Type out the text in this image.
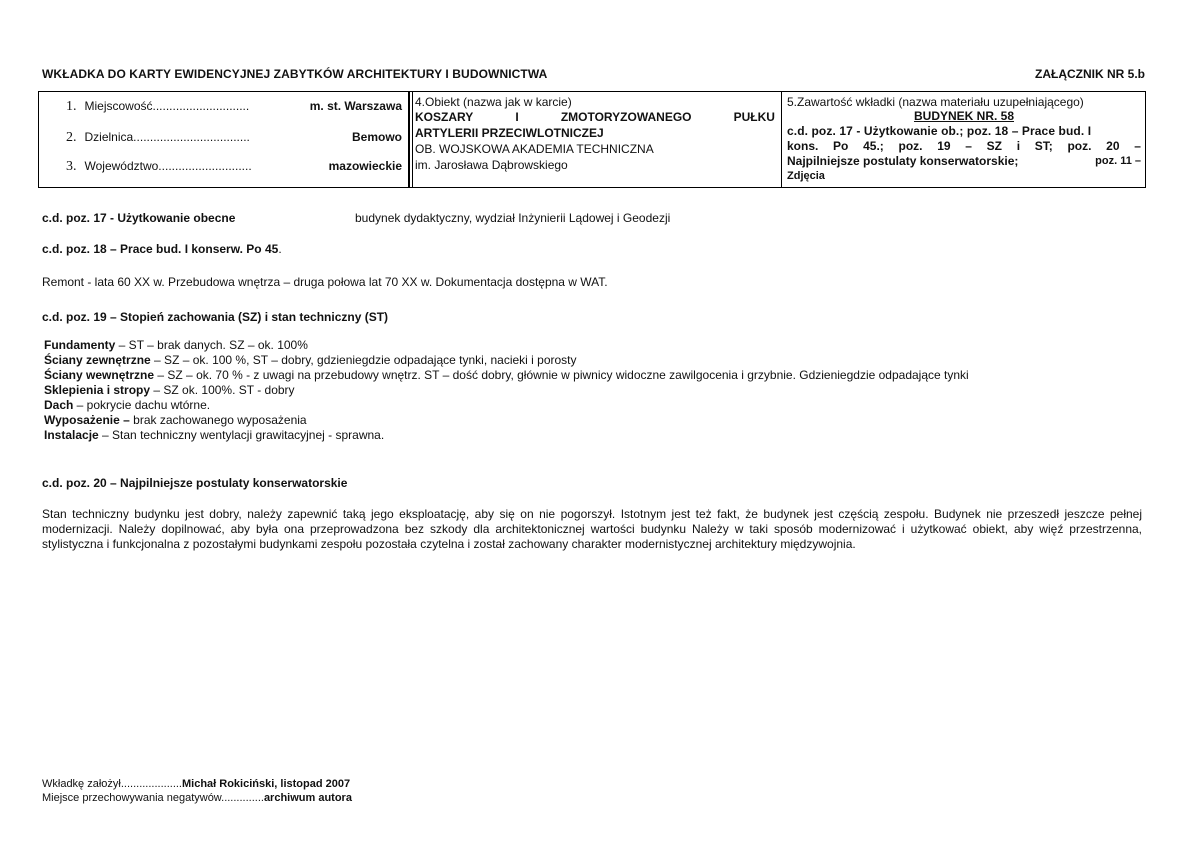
WKŁADKA DO KARTY EWIDENCYJNEJ ZABYTKÓW ARCHITEKTURY I BUDOWNICTWA	ZAŁĄCZNIK NR 5.b
1. Miejscowość.............................	m. st. Warszawa
2. Dzielnica...................................	Bemowo
3. Województwo............................	mazowieckie
4.Obiekt (nazwa jak w karcie)
KOSZARY	I	ZMOTORYZOWANEGO	PUŁKU
ARTYLERII PRZECIWLOTNICZEJ
OB. WOJSKOWA AKADEMIA TECHNICZNA
im. Jarosława Dąbrowskiego
5.Zawartość wkładki (nazwa materiału uzupełniającego)
BUDYNEK NR. 58
c.d. poz. 17 - Użytkowanie ob.; poz. 18 – Prace bud. I
kons. Po 45.; poz. 19 – SZ i ST; poz. 20 –
Najpilniejsze postulaty konserwatorskie;	poz. 11 –
Zdjęcia
c.d. poz. 17 - Użytkowanie obecne	budynek dydaktyczny, wydział Inżynierii Lądowej i Geodezji
c.d. poz. 18 – Prace bud. I konserw. Po 45.
Remont - lata 60 XX w. Przebudowa wnętrza – druga połowa lat 70 XX w. Dokumentacja dostępna w WAT.
c.d. poz. 19 – Stopień zachowania (SZ) i stan techniczny (ST)
Fundamenty – ST – brak danych. SZ – ok. 100%
Ściany zewnętrzne – SZ – ok. 100 %, ST – dobry, gdzieniegdzie odpadające tynki, nacieki i porosty
Ściany wewnętrzne – SZ – ok. 70 % - z uwagi na przebudowy wnętrz. ST – dość dobry, głównie w piwnicy widoczne zawilgocenia i grzybnie. Gdzieniegdzie odpadające tynki
Sklepienia i stropy – SZ ok. 100%. ST - dobry
Dach – pokrycie dachu wtórne.
Wyposażenie – brak zachowanego wyposażenia
Instalacje – Stan techniczny wentylacji grawitacyjnej - sprawna.
c.d. poz. 20 – Najpilniejsze postulaty konserwatorskie
Stan techniczny budynku jest dobry, należy zapewnić taką jego eksploatację, aby się on nie pogorszył. Istotnym jest też fakt, że budynek jest częścią zespołu. Budynek nie przeszedł jeszcze pełnej modernizacji. Należy dopilnować, aby była ona przeprowadzona bez szkody dla architektonicznej wartości budynku Należy w taki sposób modernizować i użytkować obiekt, aby więź przestrzenna, stylistyczna i funkcjonalna z pozostałymi budynkami zespołu pozostała czytelna i został zachowany charakter modernistycznej architektury międzywojnia.
Wkładkę założył....................Michał Rokiciński, listopad 2007
Miejsce przechowywania negatywów..............archiwum autora
